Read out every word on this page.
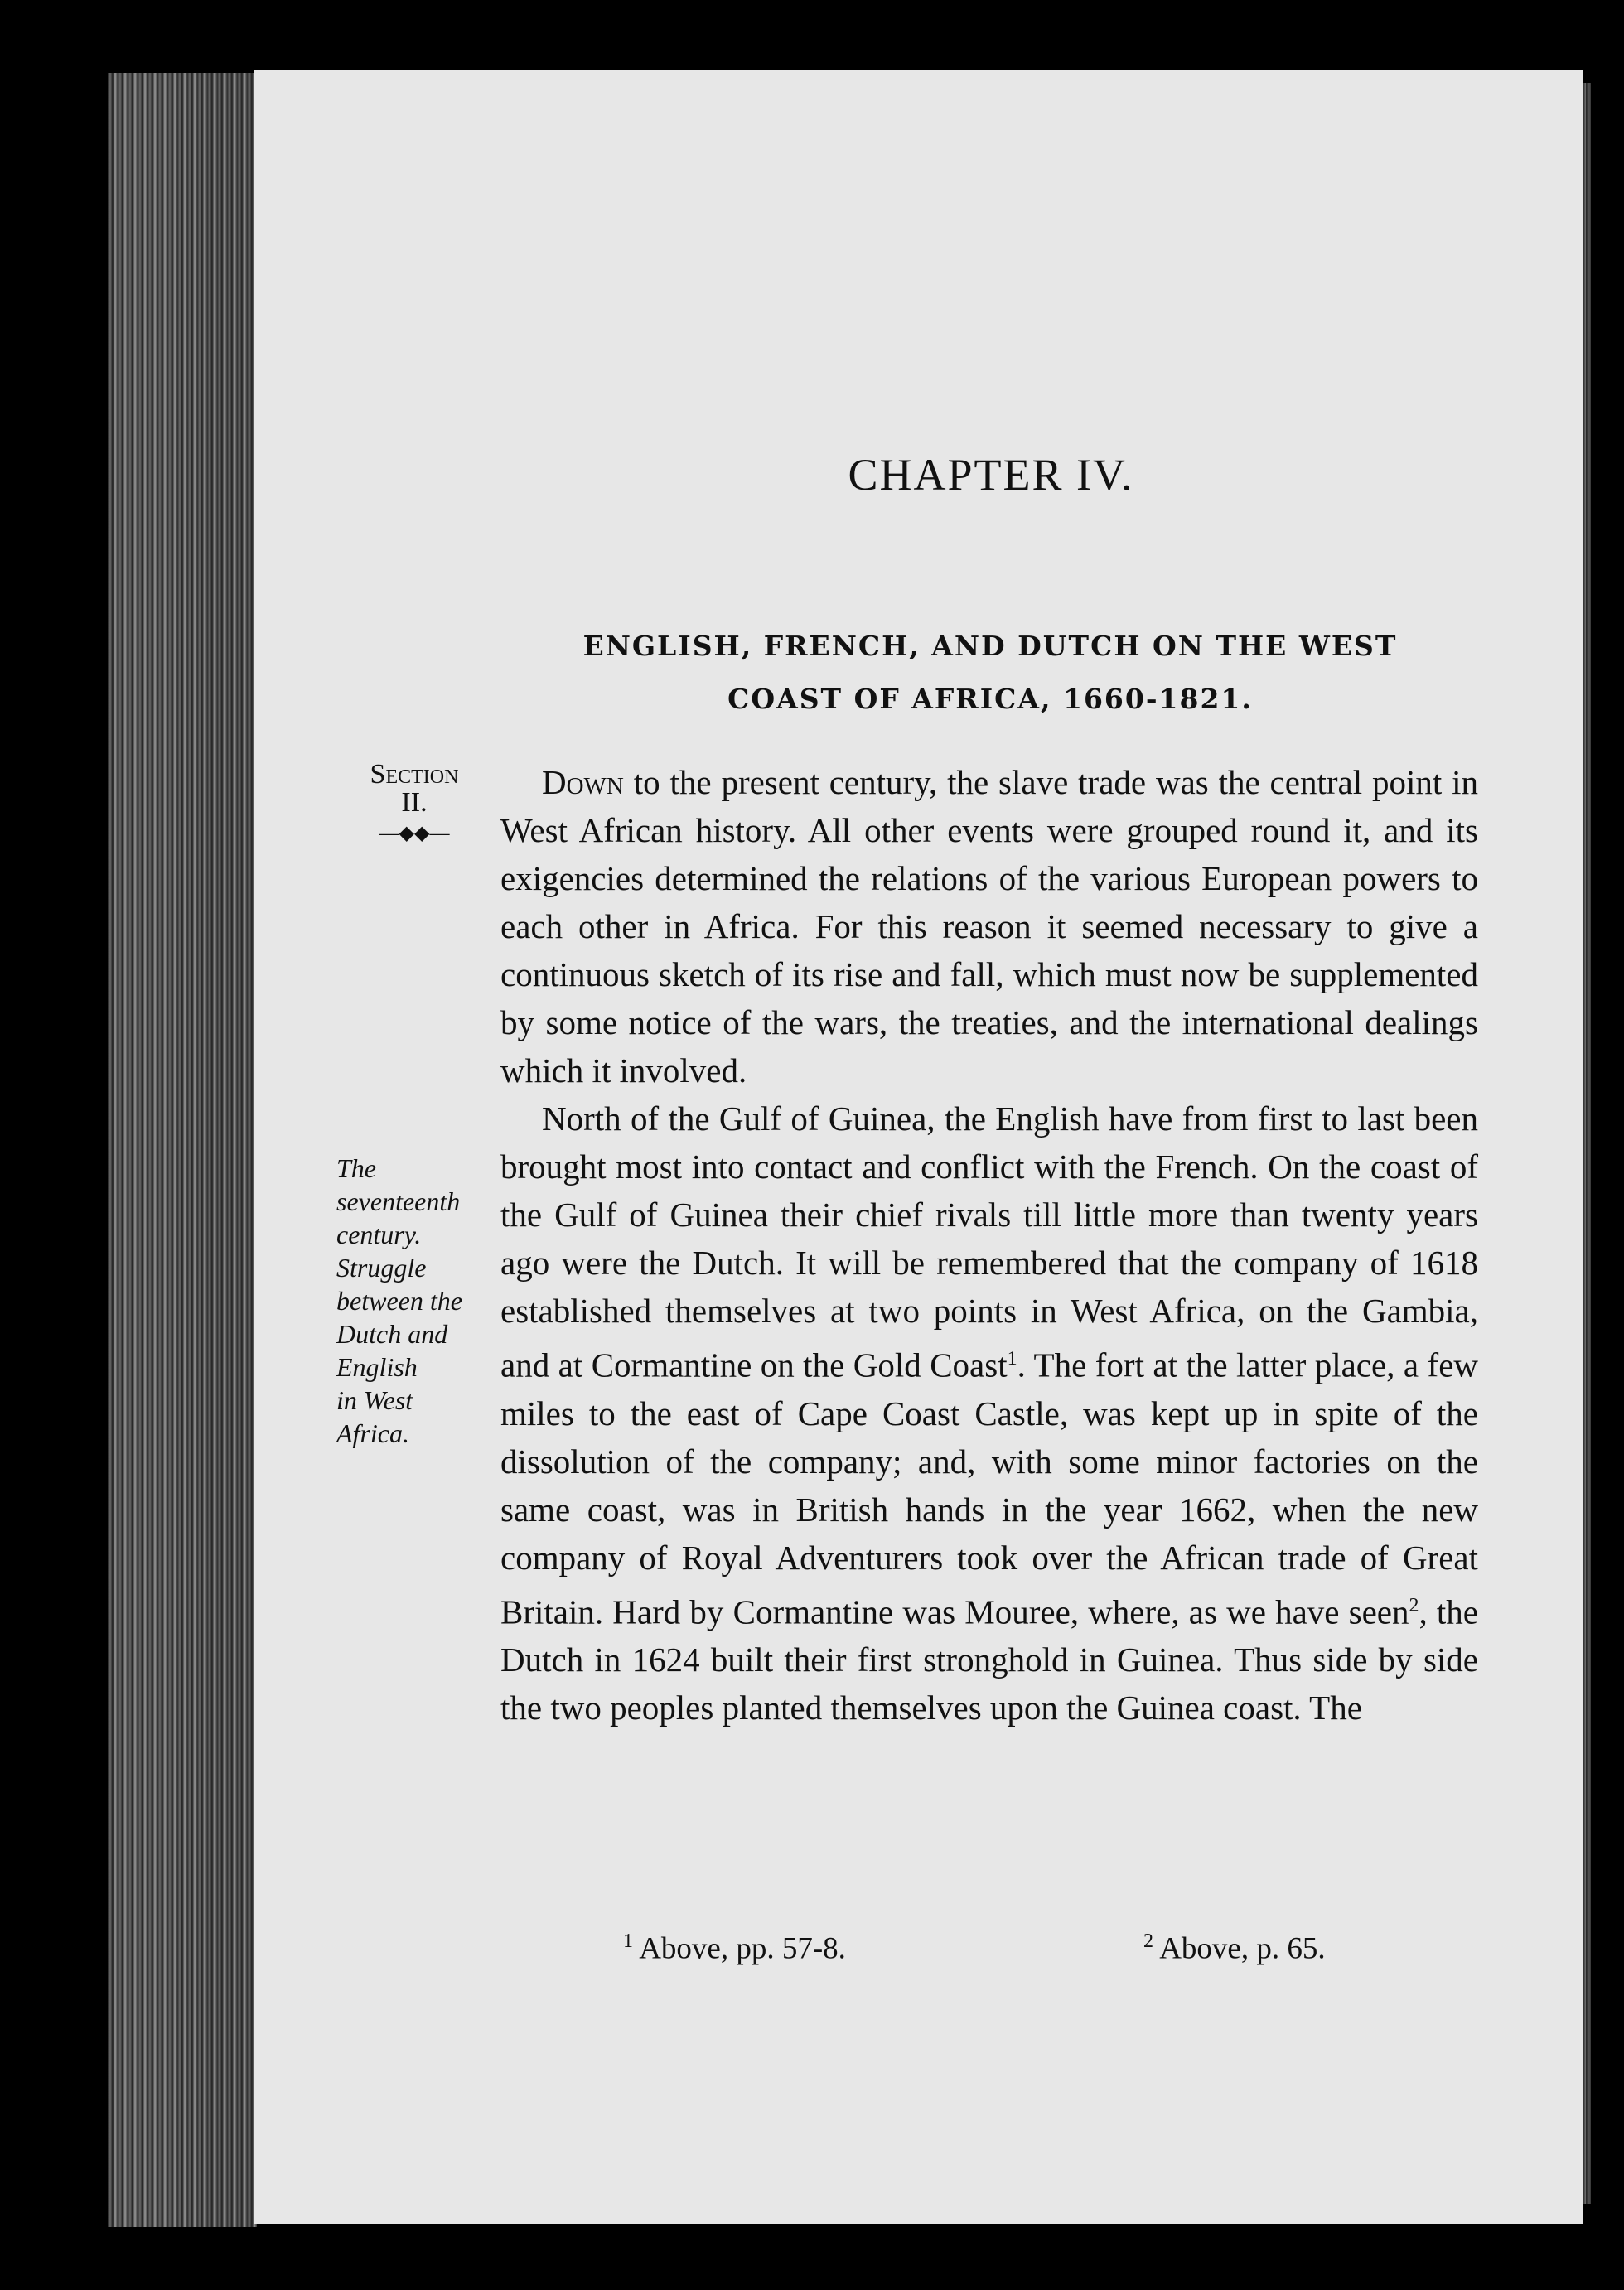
CHAPTER IV.
ENGLISH, FRENCH, AND DUTCH ON THE WEST
COAST OF AFRICA, 1660-1821.
Section
II.
—◆◆—
The
seventeenth
century.
Struggle
between the
Dutch and
English
in West
Africa.

Down to the present century, the slave trade was the central point in West African history. All other events were grouped round it, and its exigencies determined the relations of the various European powers to each other in Africa. For this reason it seemed necessary to give a continuous sketch of its rise and fall, which must now be supplemented by some notice of the wars, the treaties, and the international dealings which it involved.

North of the Gulf of Guinea, the English have from first to last been brought most into contact and conflict with the French. On the coast of the Gulf of Guinea their chief rivals till little more than twenty years ago were the Dutch. It will be remembered that the company of 1618 established themselves at two points in West Africa, on the Gambia, and at Cormantine on the Gold Coast$^1$. The fort at the latter place, a few miles to the east of Cape Coast Castle, was kept up in spite of the dissolution of the company; and, with some minor factories on the same coast, was in British hands in the year 1662, when the new company of Royal Adventurers took over the African trade of Great Britain. Hard by Cormantine was Mouree, where, as we have seen$^2$, the Dutch in 1624 built their first stronghold in Guinea. Thus side by side the two peoples planted themselves upon the Guinea coast. The

$^1$ Above, pp. 57-8.	$^2$ Above, p. 65.
